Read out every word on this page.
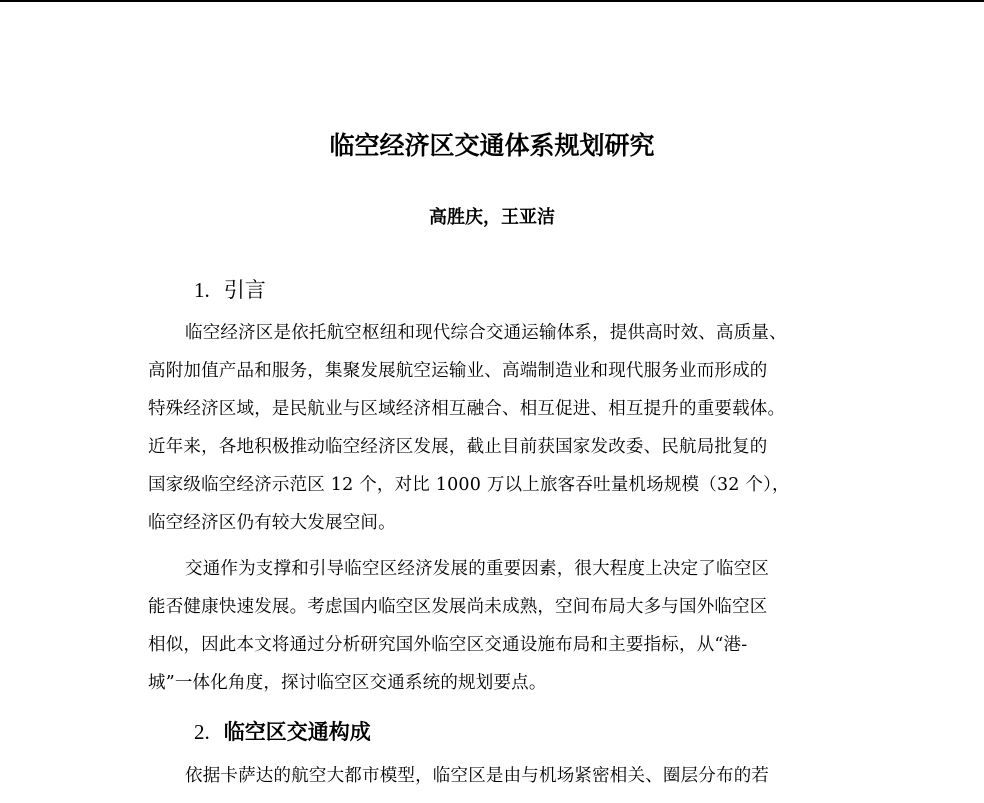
临空经济区交通体系规划研究
高胜庆，王亚洁
1. 引言
临空经济区是依托航空枢纽和现代综合交通运输体系，提供高时效、高质量、
高附加值产品和服务，集聚发展航空运输业、高端制造业和现代服务业而形成的
特殊经济区域，是民航业与区域经济相互融合、相互促进、相互提升的重要载体。
近年来，各地积极推动临空经济区发展，截止目前获国家发改委、民航局批复的
国家级临空经济示范区 12 个，对比 1000 万以上旅客吞吐量机场规模（32 个），
临空经济区仍有较大发展空间。
交通作为支撑和引导临空区经济发展的重要因素，很大程度上决定了临空区
能否健康快速发展。考虑国内临空区发展尚未成熟，空间布局大多与国外临空区
相似，因此本文将通过分析研究国外临空区交通设施布局和主要指标，从“港-
城”一体化角度，探讨临空区交通系统的规划要点。
2. 临空区交通构成
依据卡萨达的航空大都市模型，临空区是由与机场紧密相关、圈层分布的若
